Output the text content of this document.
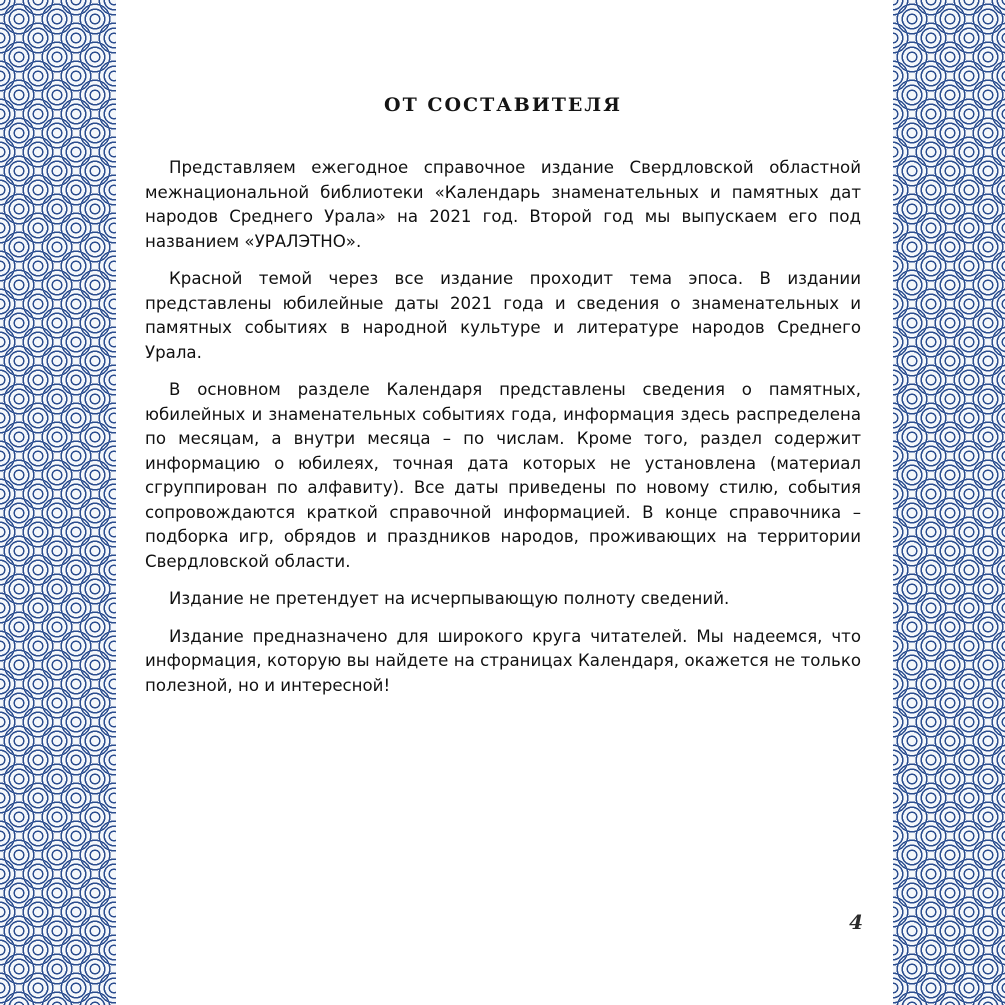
ОТ СОСТАВИТЕЛЯ

Представляем ежегодное справочное издание Свердловской областной межнациональной библиотеки «Календарь знаменательных и памятных дат народов Среднего Урала» на 2021 год. Второй год мы выпускаем его под названием «УРАЛЭТНО».

Красной темой через все издание проходит тема эпоса. В издании представлены юбилейные даты 2021 года и сведения о знаменательных и памятных событиях в народной культуре и литературе народов Среднего Урала.

В основном разделе Календаря представлены сведения о памятных, юбилейных и знаменательных событиях года, информация здесь распределена по месяцам, а внутри месяца – по числам. Кроме того, раздел содержит информацию о юбилеях, точная дата которых не установлена (материал сгруппирован по алфавиту). Все даты приведены по новому стилю, события сопровождаются краткой справочной информацией. В конце справочника – подборка игр, обрядов и праздников народов, проживающих на территории Свердловской области.

Издание не претендует на исчерпывающую полноту сведений.

Издание предназначено для широкого круга читателей. Мы надеемся, что информация, которую вы найдете на страницах Календаря, окажется не только полезной, но и интересной!

4
